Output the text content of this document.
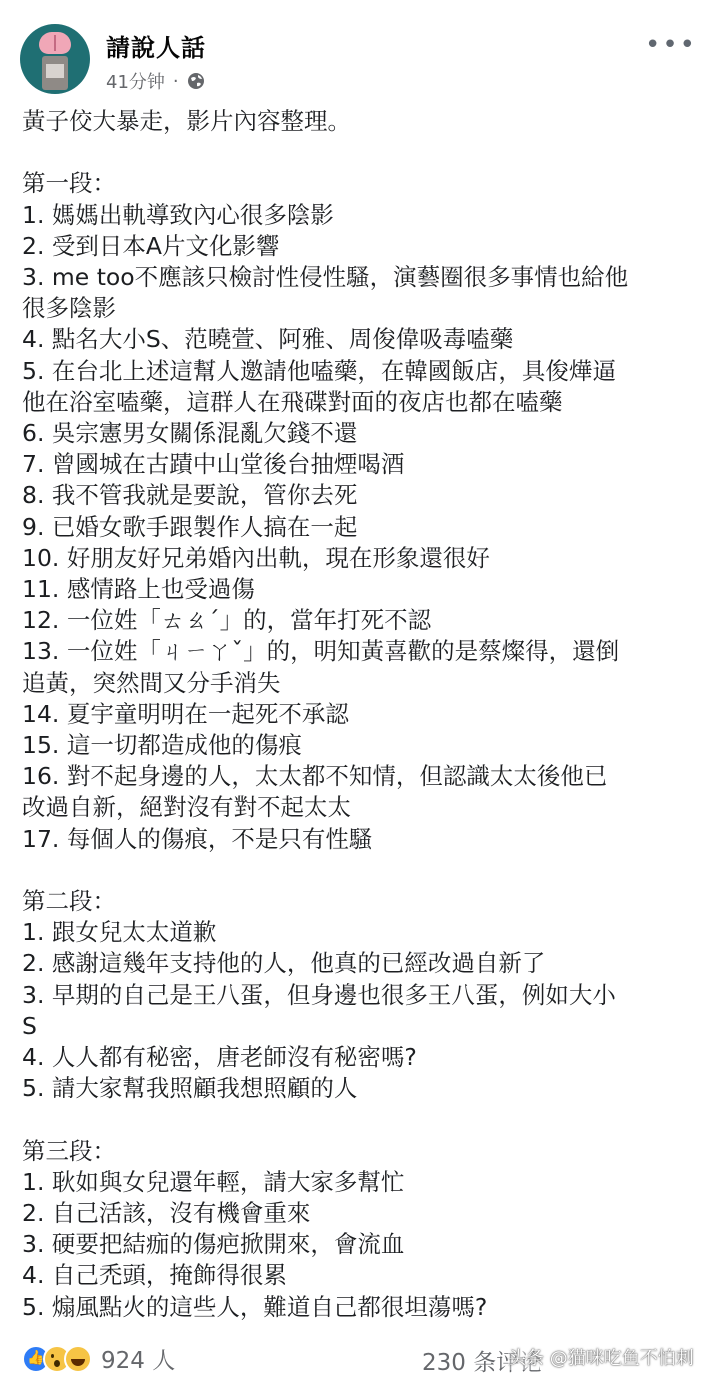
請說人話
41分钟 ·
•••
黃子佼大暴走，影片內容整理。
第一段：
1. 媽媽出軌導致內心很多陰影
2. 受到日本A片文化影響
3. me too不應該只檢討性侵性騷，演藝圈很多事情也給他
很多陰影
4. 點名大小S、范曉萱、阿雅、周俊偉吸毒嗑藥
5. 在台北上述這幫人邀請他嗑藥，在韓國飯店，具俊燁逼
他在浴室嗑藥，這群人在飛碟對面的夜店也都在嗑藥
6. 吳宗憲男女關係混亂欠錢不還
7. 曾國城在古蹟中山堂後台抽煙喝酒
8. 我不管我就是要說，管你去死
9. 已婚女歌手跟製作人搞在一起
10. 好朋友好兄弟婚內出軌，現在形象還很好
11. 感情路上也受過傷
12. 一位姓「ㄊㄠˊ」的，當年打死不認
13. 一位姓「ㄐㄧㄚˇ」的，明知黃喜歡的是蔡燦得，還倒
追黃，突然間又分手消失
14. 夏宇童明明在一起死不承認
15. 這一切都造成他的傷痕
16. 對不起身邊的人，太太都不知情，但認識太太後他已
改過自新，絕對沒有對不起太太
17. 每個人的傷痕，不是只有性騷
第二段：
1. 跟女兒太太道歉
2. 感謝這幾年支持他的人，他真的已經改過自新了
3. 早期的自己是王八蛋，但身邊也很多王八蛋，例如大小
S
4. 人人都有秘密，唐老師沒有秘密嗎?
5. 請大家幫我照顧我想照顧的人
第三段：
1. 耿如與女兒還年輕，請大家多幫忙
2. 自己活該，沒有機會重來
3. 硬要把結痂的傷疤掀開來，會流血
4. 自己禿頭，掩飾得很累
5. 煽風點火的這些人，難道自己都很坦蕩嗎?
👍
924 人	230 条评论
头条 @猫咪吃鱼不怕刺
